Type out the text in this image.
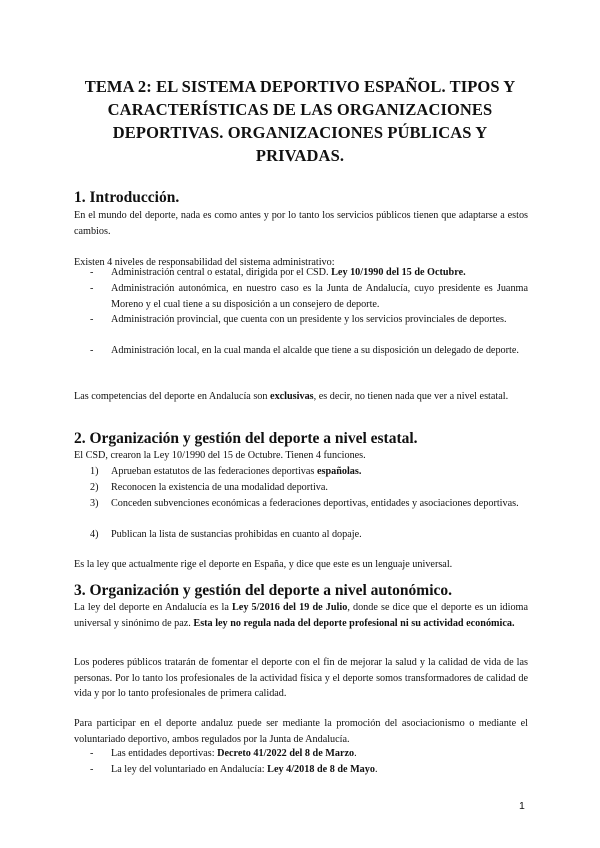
TEMA 2: EL SISTEMA DEPORTIVO ESPAÑOL. TIPOS Y CARACTERÍSTICAS DE LAS ORGANIZACIONES DEPORTIVAS. ORGANIZACIONES PÚBLICAS Y PRIVADAS.
1. Introducción.

En el mundo del deporte, nada es como antes y por lo tanto los servicios públicos tienen que adaptarse a estos cambios.

Existen 4 niveles de responsabilidad del sistema administrativo:

- Administración central o estatal, dirigida por el CSD. Ley 10/1990 del 15 de Octubre.

- Administración autonómica, en nuestro caso es la Junta de Andalucía, cuyo presidente es Juanma Moreno y el cual tiene a su disposición a un consejero de deporte.

- Administración provincial, que cuenta con un presidente y los servicios provinciales de deportes.

- Administración local, en la cual manda el alcalde que tiene a su disposición un delegado de deporte.

Las competencias del deporte en Andalucía son exclusivas, es decir, no tienen nada que ver a nivel estatal.

2. Organización y gestión del deporte a nivel estatal.

El CSD, crearon la Ley 10/1990 del 15 de Octubre. Tienen 4 funciones.

1) Aprueban estatutos de las federaciones deportivas españolas.

2) Reconocen la existencia de una modalidad deportiva.

3) Conceden subvenciones económicas a federaciones deportivas, entidades y asociaciones deportivas.

4) Publican la lista de sustancias prohibidas en cuanto al dopaje.

Es la ley que actualmente rige el deporte en España, y dice que este es un lenguaje universal.

3. Organización y gestión del deporte a nivel autonómico.

La ley del deporte en Andalucía es la Ley 5/2016 del 19 de Julio, donde se dice que el deporte es un idioma universal y sinónimo de paz. Esta ley no regula nada del deporte profesional ni su actividad económica.

Los poderes públicos tratarán de fomentar el deporte con el fin de mejorar la salud y la calidad de vida de las personas. Por lo tanto los profesionales de la actividad física y el deporte somos transformadores de calidad de vida y por lo tanto profesionales de primera calidad.

Para participar en el deporte andaluz puede ser mediante la promoción del asociacionismo o mediante el voluntariado deportivo, ambos regulados por la Junta de Andalucía.

- Las entidades deportivas: Decreto 41/2022 del 8 de Marzo.

- La ley del voluntariado en Andalucía: Ley 4/2018 de 8 de Mayo.

1
